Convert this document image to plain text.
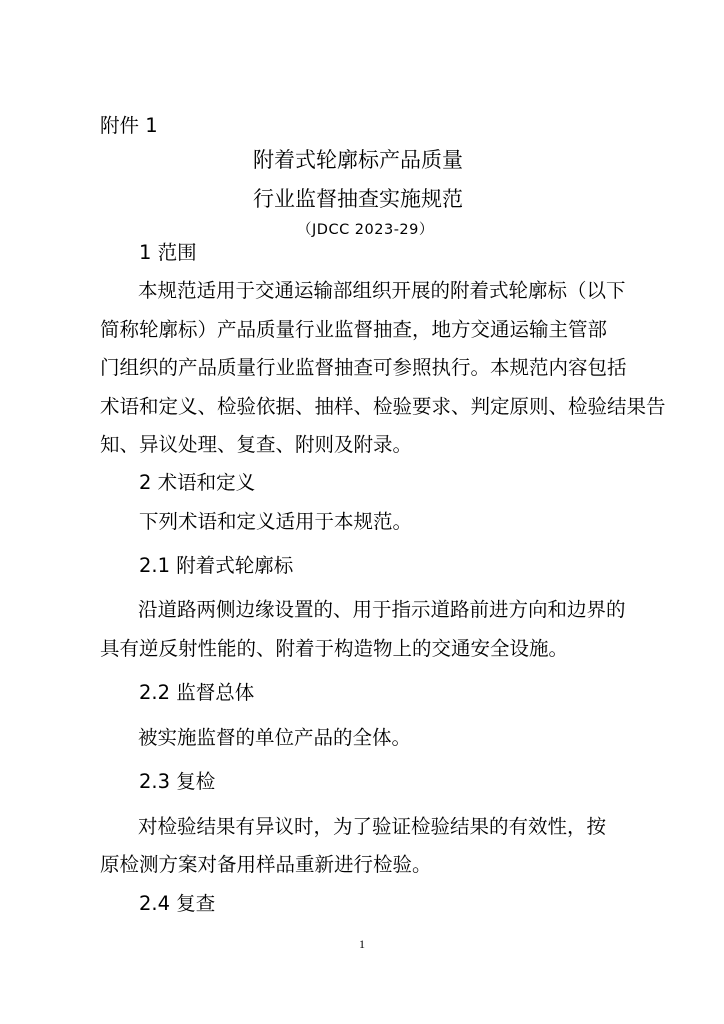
附件 1
附着式轮廓标产品质量
行业监督抽查实施规范
（JDCC 2023-29）
1 范围
本规范适用于交通运输部组织开展的附着式轮廓标（以下
简称轮廓标）产品质量行业监督抽查，地方交通运输主管部
门组织的产品质量行业监督抽查可参照执行。本规范内容包括
术语和定义、检验依据、抽样、检验要求、判定原则、检验结果告
知、异议处理、复查、附则及附录。
2 术语和定义
下列术语和定义适用于本规范。
2.1 附着式轮廓标
沿道路两侧边缘设置的、用于指示道路前进方向和边界的
具有逆反射性能的、附着于构造物上的交通安全设施。
2.2 监督总体
被实施监督的单位产品的全体。
2.3 复检
对检验结果有异议时，为了验证检验结果的有效性，按
原检测方案对备用样品重新进行检验。
2.4 复查
1
